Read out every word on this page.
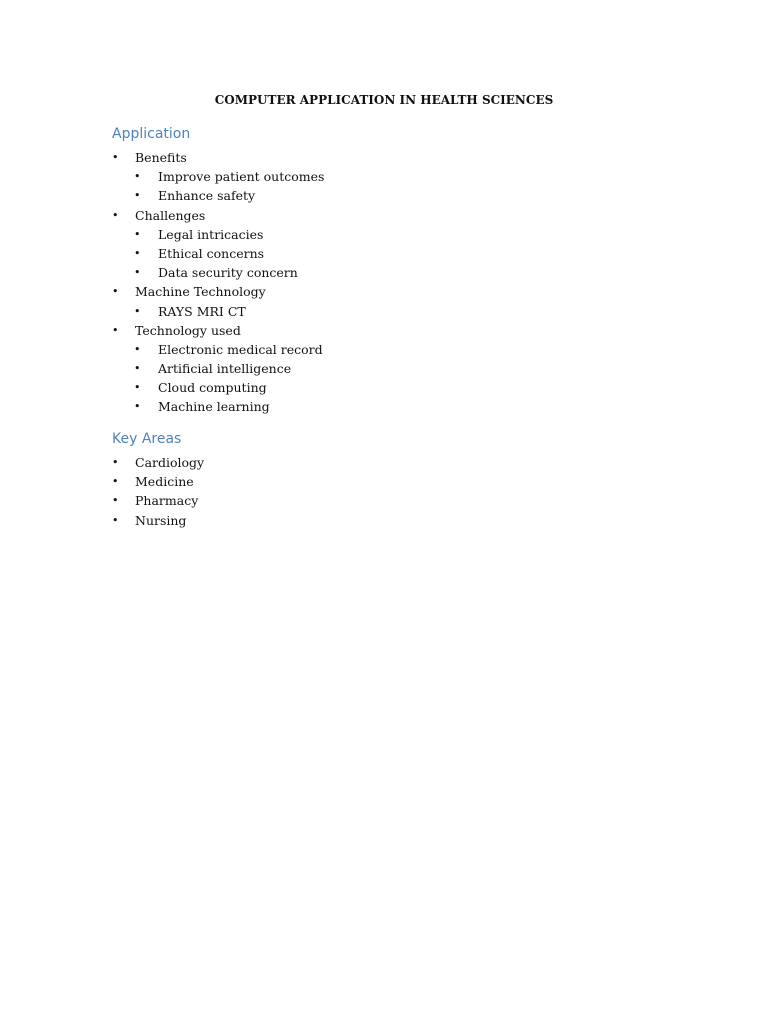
COMPUTER APPLICATION IN HEALTH SCIENCES
Application
• Benefits
• Improve patient outcomes
• Enhance safety
• Challenges
• Legal intricacies
• Ethical concerns
• Data security concern
• Machine Technology
• RAYS MRI CT
• Technology used
• Electronic medical record
• Artificial intelligence
• Cloud computing
• Machine learning
Key Areas
• Cardiology
• Medicine
• Pharmacy
• Nursing
